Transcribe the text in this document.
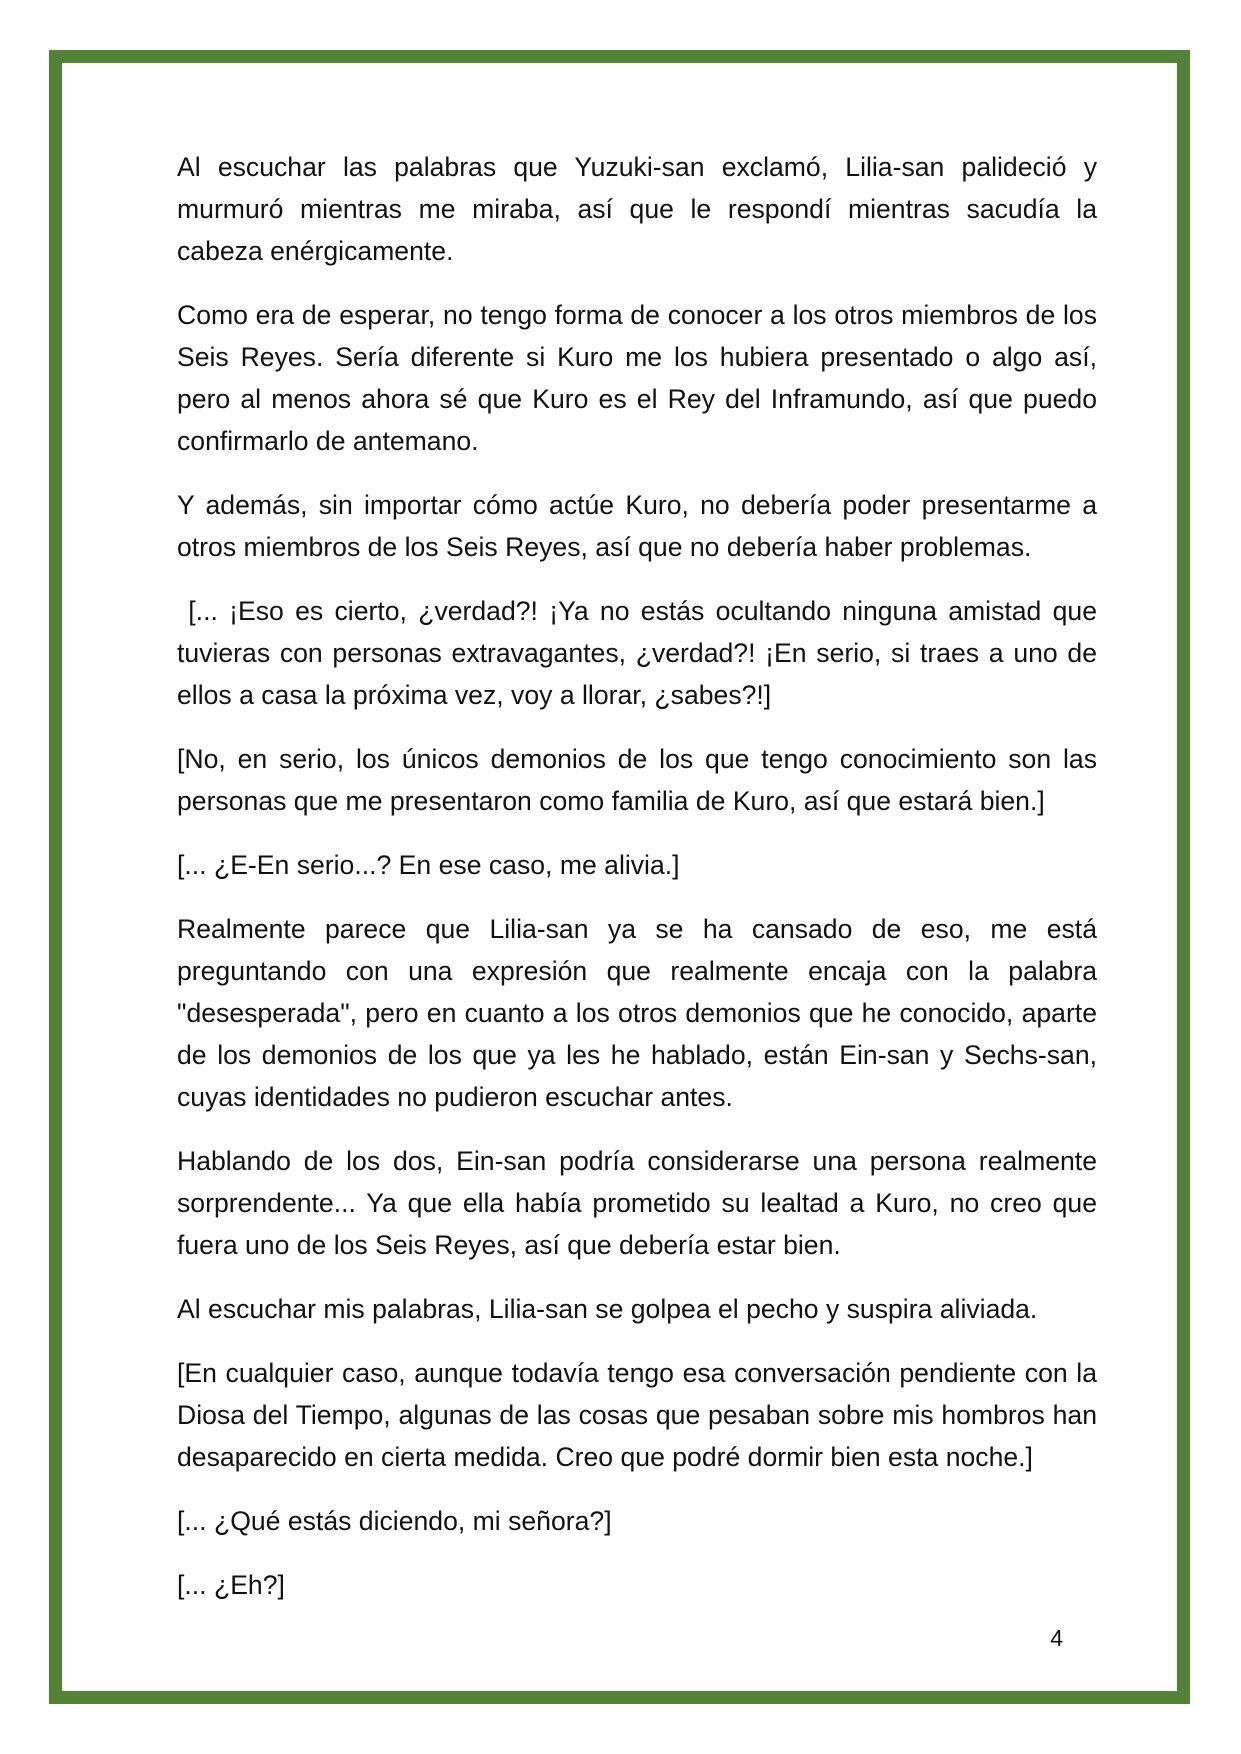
Al escuchar las palabras que Yuzuki-san exclamó, Lilia-san palideció y murmuró mientras me miraba, así que le respondí mientras sacudía la cabeza enérgicamente.

Como era de esperar, no tengo forma de conocer a los otros miembros de los Seis Reyes. Sería diferente si Kuro me los hubiera presentado o algo así, pero al menos ahora sé que Kuro es el Rey del Inframundo, así que puedo confirmarlo de antemano.

Y además, sin importar cómo actúe Kuro, no debería poder presentarme a otros miembros de los Seis Reyes, así que no debería haber problemas.

[... ¡Eso es cierto, ¿verdad?! ¡Ya no estás ocultando ninguna amistad que tuvieras con personas extravagantes, ¿verdad?! ¡En serio, si traes a uno de ellos a casa la próxima vez, voy a llorar, ¿sabes?!]

[No, en serio, los únicos demonios de los que tengo conocimiento son las personas que me presentaron como familia de Kuro, así que estará bien.]

[... ¿E-En serio...? En ese caso, me alivia.]

Realmente parece que Lilia-san ya se ha cansado de eso, me está preguntando con una expresión que realmente encaja con la palabra "desesperada", pero en cuanto a los otros demonios que he conocido, aparte de los demonios de los que ya les he hablado, están Ein-san y Sechs-san, cuyas identidades no pudieron escuchar antes.

Hablando de los dos, Ein-san podría considerarse una persona realmente sorprendente... Ya que ella había prometido su lealtad a Kuro, no creo que fuera uno de los Seis Reyes, así que debería estar bien.

Al escuchar mis palabras, Lilia-san se golpea el pecho y suspira aliviada.

[En cualquier caso, aunque todavía tengo esa conversación pendiente con la Diosa del Tiempo, algunas de las cosas que pesaban sobre mis hombros han desaparecido en cierta medida. Creo que podré dormir bien esta noche.]

[... ¿Qué estás diciendo, mi señora?]

[... ¿Eh?]

4
